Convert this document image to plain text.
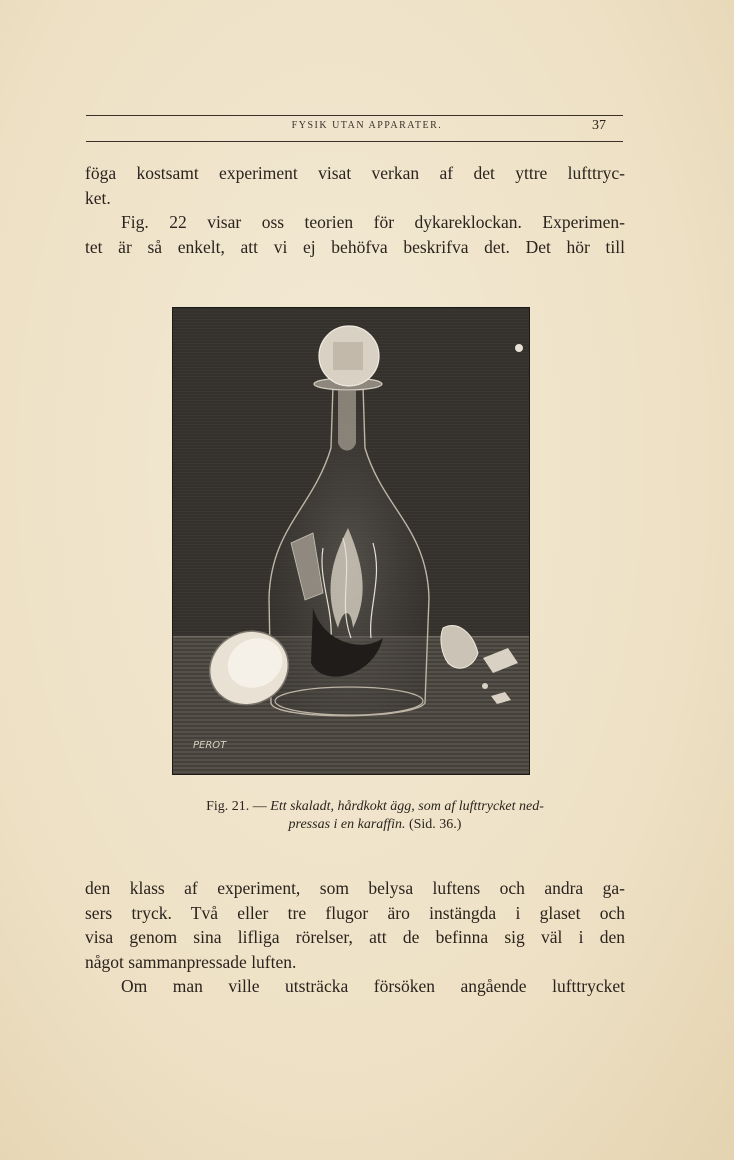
FYSIK UTAN APPARATER.	37
föga kostsamt experiment visat verkan af det yttre lufttryc-
ket.
Fig. 22 visar oss teorien för dykareklockan. Experimen-
tet är så enkelt, att vi ej behöfva beskrifva det. Det hör till
PEROT
Fig. 21. — Ett skaladt, hårdkokt ägg, som af lufttrycket ned-
pressas i en karaffin. (Sid. 36.)
den klass af experiment, som belysa luftens och andra ga-
sers tryck. Två eller tre flugor äro instängda i glaset och
visa genom sina lifliga rörelser, att de befinna sig väl i den
något sammanpressade luften.
Om man ville utsträcka försöken angående lufttrycket
